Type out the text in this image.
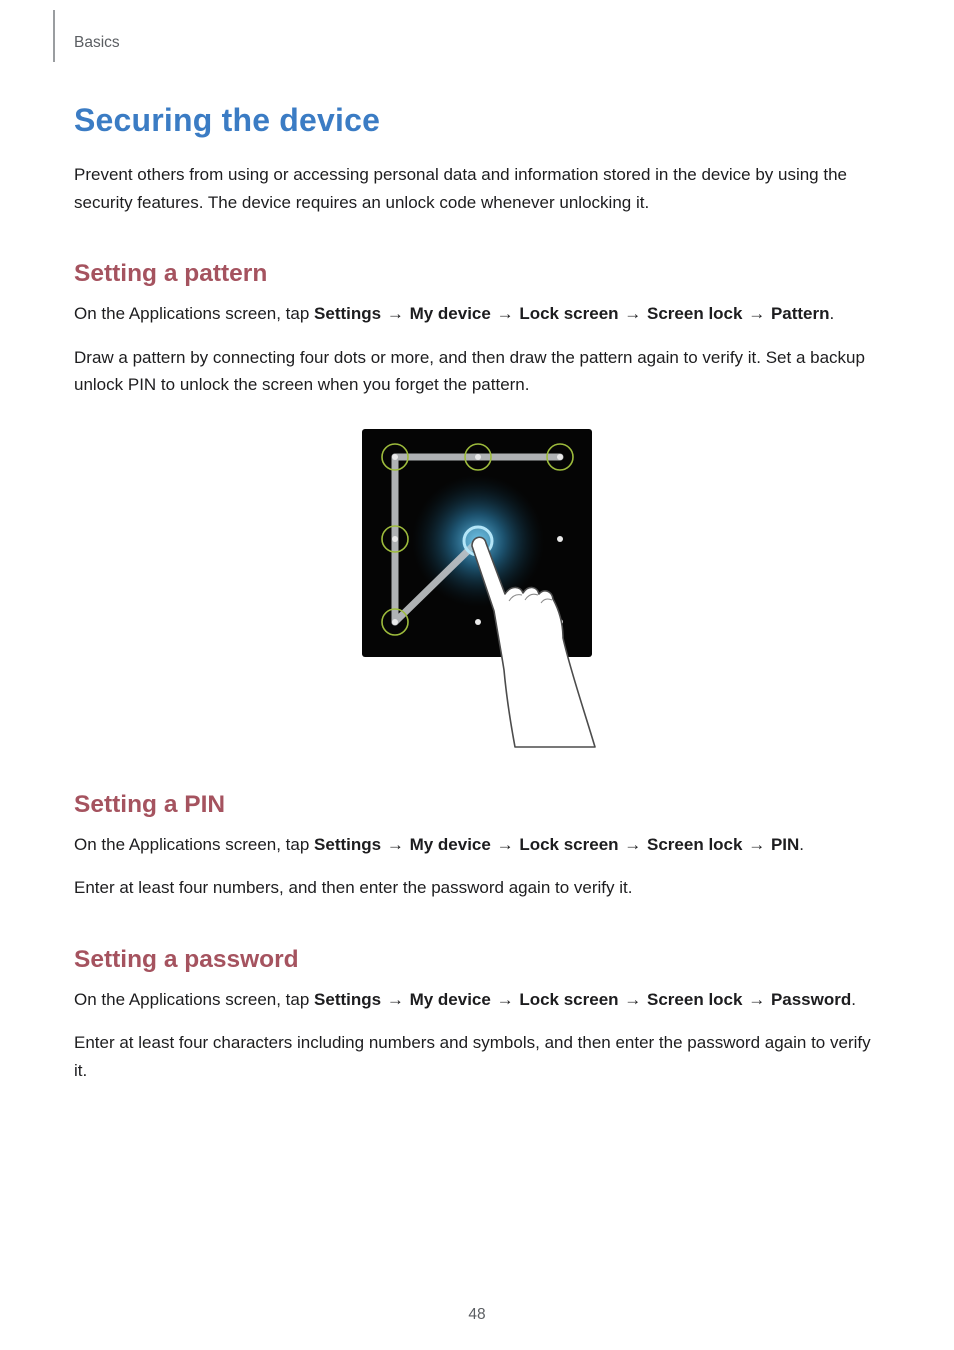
Basics
Securing the device

Prevent others from using or accessing personal data and information stored in the device by using the security features. The device requires an unlock code whenever unlocking it.

Setting a pattern

On the Applications screen, tap Settings → My device → Lock screen → Screen lock → Pattern.

Draw a pattern by connecting four dots or more, and then draw the pattern again to verify it. Set a backup unlock PIN to unlock the screen when you forget the pattern.

Setting a PIN

On the Applications screen, tap Settings → My device → Lock screen → Screen lock → PIN.

Enter at least four numbers, and then enter the password again to verify it.

Setting a password

On the Applications screen, tap Settings → My device → Lock screen → Screen lock → Password.

Enter at least four characters including numbers and symbols, and then enter the password again to verify it.

48
